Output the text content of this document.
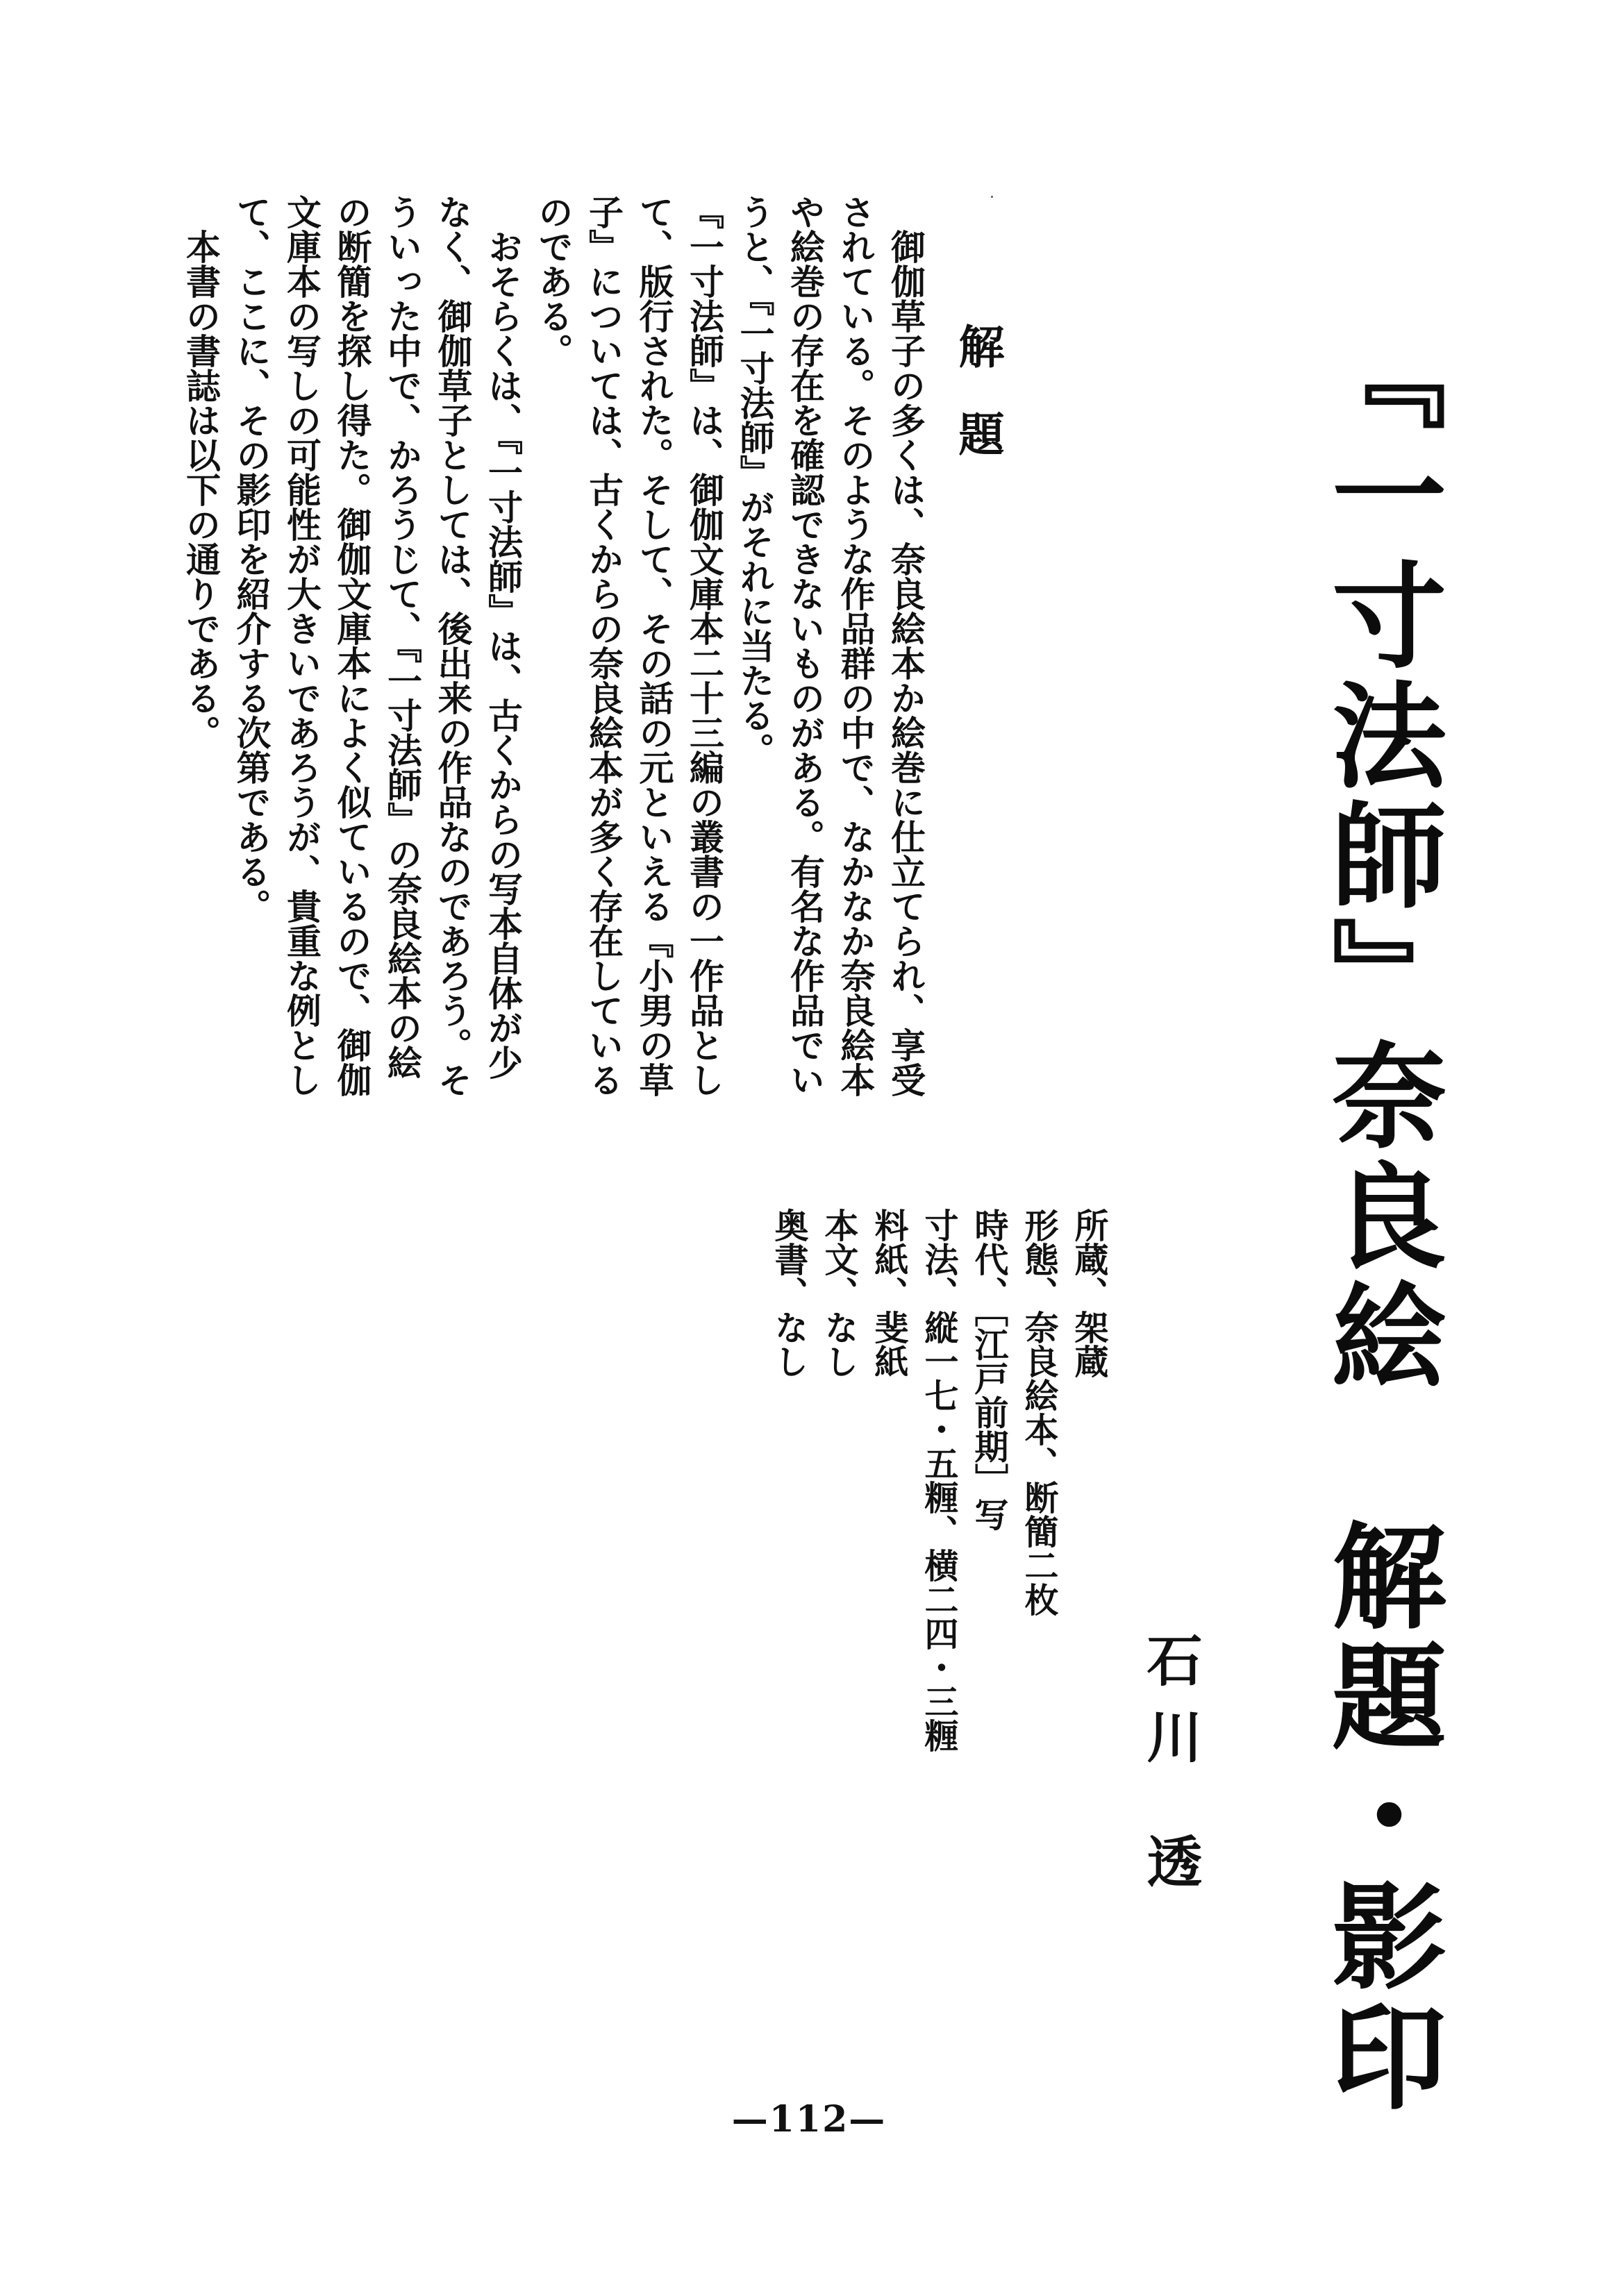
『一寸法師』奈良絵　解題・影印
石川
透
所蔵、架蔵
形態、奈良絵本、断簡二枚
時代、［江戸前期］写
寸法、縦一七・五糎、横二四・三糎
料紙、斐紙
本文、なし
奥書、なし
解題

御伽草子の多くは、奈良絵本か絵巻に仕立てられ、享受されている。そのような作品群の中で、なかなか奈良絵本や絵巻の存在を確認できないものがある。有名な作品でいうと、『一寸法師』がそれに当たる。

『一寸法師』は、御伽文庫本二十三編の叢書の一作品として、版行された。そして、その話の元といえる『小男の草子』については、古くからの奈良絵本が多く存在しているのである。

おそらくは、『一寸法師』は、古くからの写本自体が少なく、御伽草子としては、後出来の作品なのであろう。そういった中で、かろうじて、『一寸法師』の奈良絵本の絵の断簡を探し得た。御伽文庫本によく似ているので、御伽文庫本の写しの可能性が大きいであろうが、貴重な例として、ここに、その影印を紹介する次第である。

本書の書誌は以下の通りである。

—112—
